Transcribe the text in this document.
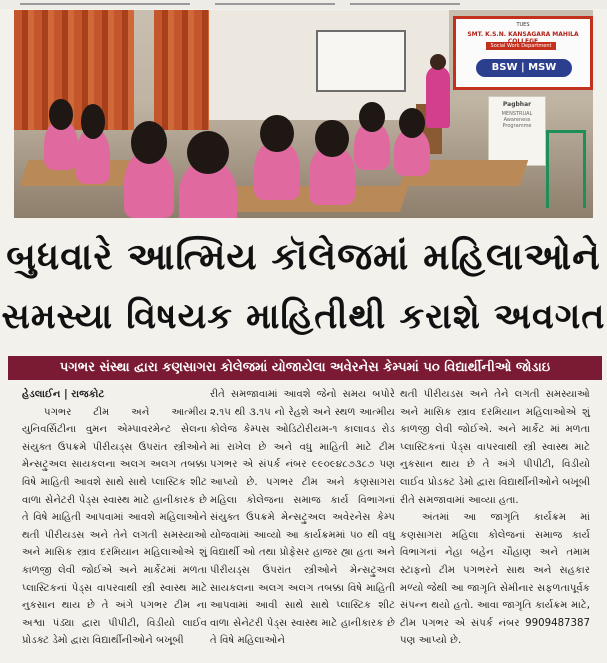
TUES
SMT. K.S.N. KANSAGARA MAHILA
Social Work Department
BSW | MSW
Pagbhar
MENSTRUAL Awareness Programme
બુધવારે આત્મિય કૉલેજમાં મહિલાઓને
સમસ્યા વિષયક માહિતીથી કરાશે અવગત
પગભર સંસ્થા દ્વારા કણસાગરા કોલેજમાં યોજાયેલા અવેરનેસ કેમ્પમાં ૫૦ વિદ્યાર્થીનીઓ જોડાઇ

હેડલાઈન | રાજકોટ
પગભર ટીમ અને આત્મીય યુનિવર્સિટીના વુમન એમ્પાવરમેન્ટ સેલના સંયુક્ત ઉપક્રમે પીરીયડ્સ ઉપરાંત સ્ત્રીઓને મેન્સટ્રુઅલ સાયકલના અલગ અલગ તબક્કા વિષે માહિતી આવશે સાથે સાથે પ્લાસ્ટિક શીટ વાળા સેનેટરી પેડ્સ સ્વાસ્થ માટે હાનીકારક છે તે વિષે માહિતી આપવામાં આવશે મહિલાઓને થતી પીરીયડસ અને તેને લગતી સમસ્યાઓ અને માસિક સ્ત્રાવ દરમિયાન મહિલાઓએ શું કાળજી લેવી જોઈએ અને માર્કેટમાં મળતા પ્લાસ્ટિકનાં પેડ્સ વાપરવાથી સ્ત્રી સ્વાસ્થ માટે નુકસાન થાય છે તે અંગે પગભર ટીમ ના અશ્વા પંડ્યા દ્વારા પીપીટી, વિડીયો લાઈવ પ્રોડક્ટ ડેમો દ્વારા વિદ્યાર્થીનીઓને બખૂબી

રીતે સમજાવામાં આવશે જેનો સમય બપોરે ૨.૧૫ થી ૩.૧૫ નો રેહશે અને સ્થળ આત્મીય કોલેજ કેમ્પસ ઓડિટોરીયમ-૧ કાલાવડ રોડ માં રાખેલ છે અને વધુ માહિતી માટે ટીમ પગભર એ સંપર્ક નંબર ૯૯૦૯૪૮૭૩૮૭ પણ આપ્યો છે. પગભર ટીમ અને કણસાગરા મહિલા કોલેજના સમાજ કાર્ય વિભાગનાં સંયુક્ત ઉપક્રમે મેન્સટ્રુઅલ અવેરનેસ કેમ્પ યોજવામાં આવ્યો આ કાર્યક્રમમાં ૫૦ થી વધુ વિદ્યાર્થી ઓ તથા પ્રોફેસર હાજર હ્યા હતા અને પીરીયડ્સ ઉપરાંત સ્ત્રીઓને મેન્સટ્રુઅલ સાયકલના અલગ અલગ તબક્કા વિષે માહિતી આપવામાં આવી સાથે સાથે પ્લાસ્ટિક શીટ વાળા સેનેટરી પેડ્સ સ્વાસ્થ માટે હાનીકારક છે તે વિષે મહિલાઓને

થતી પીરીયડસ અને તેને લગતી સમસ્યાઓ અને માસિક સ્ત્રાવ દરમિયાન મહિલાઓએ શું કાળજી લેવી જોઈએ. અને માર્કેટ માં મળતા પ્લાસ્ટિકનાં પેડ્સ વાપરવાથી સ્ત્રી સ્વાસ્થ માટે નુકસાન થાય છે તે અંગે પીપીટી, વિડીયો લાઈવ પ્રોડક્ટ ડેમો દ્વારા વિદ્યાર્થીનીઓને બખૂબી રીતે સમજાવામાં આવ્યા હતા.

અંતમાં આ જાગૃતિ કાર્યક્રમ માં કણસાગરા મહિલા કોલેજનાં સમાજ કાર્ય વિભાગનાં નેહા બહેન ચૌહાણ અને તમામ સ્ટાફનો ટીમ પગભરને સાથ અને સહકાર મળ્યો જેથી આ જાગૃતિ સેમીનાર સફળતાપૂર્વક સંપન્ન થયો હતો. આવા જાગૃતિ કાર્યક્રમ માટે, ટીમ પગભર એ સંપર્ક નંબર 9909487387 પણ આપ્યો છે.
